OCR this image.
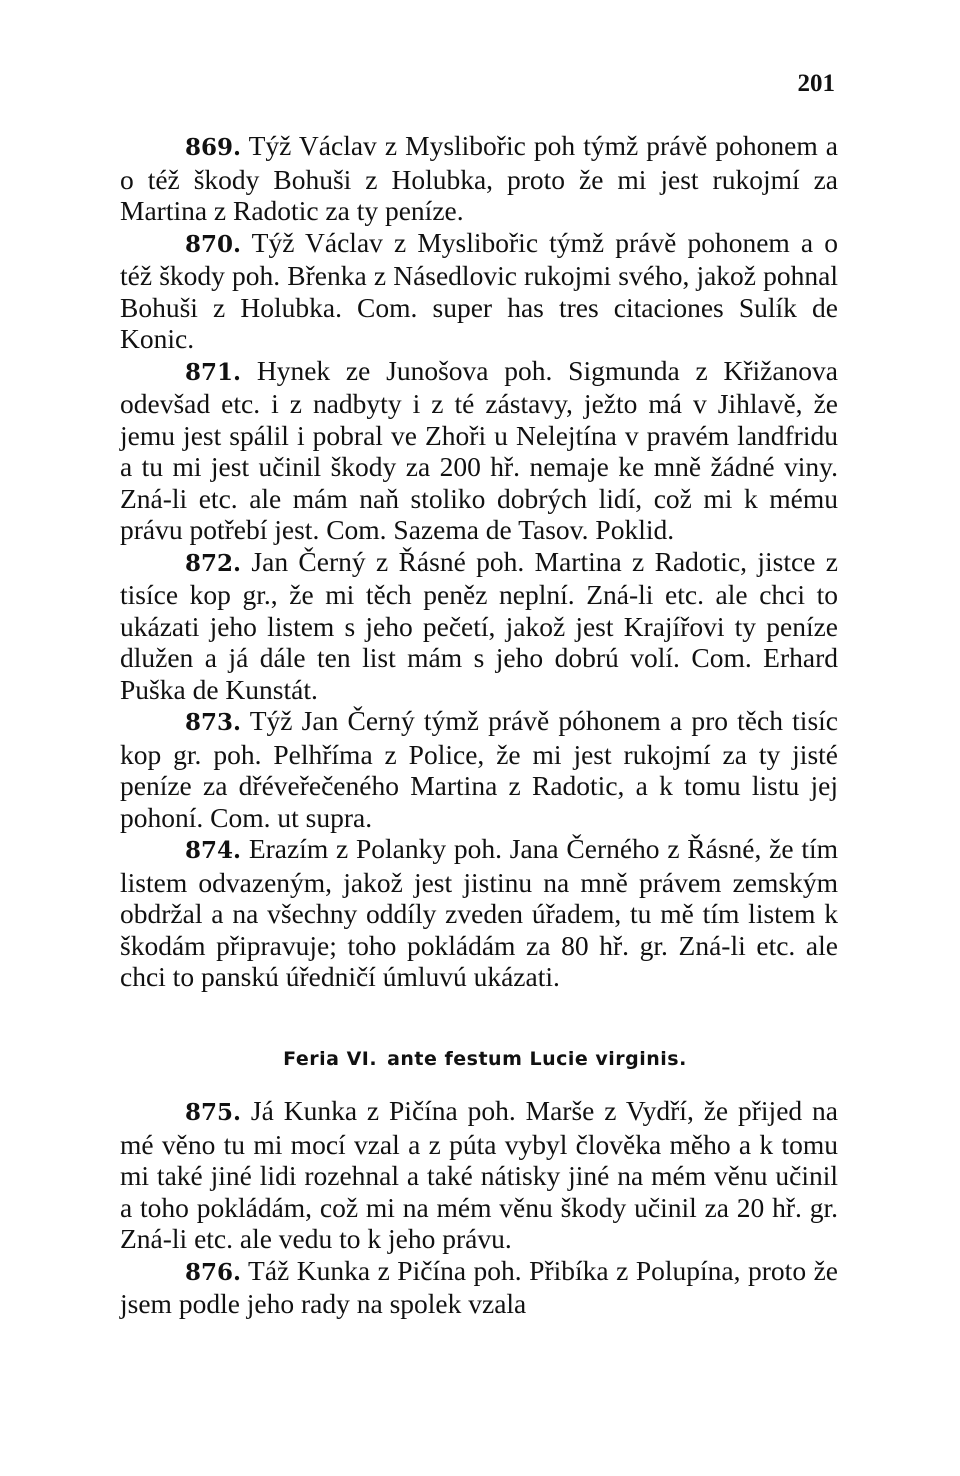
201

869. Týž Václav z Myslibořic poh týmž právě pohonem a o též škody Bohuši z Holubka, proto že mi jest rukojmí za Martina z Radotic za ty peníze.

870. Týž Václav z Myslibořic týmž právě pohonem a o též škody poh. Břenka z Násedlovic rukojmi svého, jakož pohnal Bohuši z Holubka. Com. super has tres citaciones Sulík de Konic.

871. Hynek ze Junošova poh. Sigmunda z Křižanova odevšad etc. i z nadbyty i z té zástavy, ježto má v Jihlavě, že jemu jest spálil i pobral ve Zhoři u Nelejtína v pravém landfridu a tu mi jest učinil škody za 200 hř. nemaje ke mně žádné viny. Zná-li etc. ale mám naň stoliko dobrých lidí, což mi k mému právu potřebí jest. Com. Sazema de Tasov. Poklid.

872. Jan Černý z Řásné poh. Martina z Radotic, jistce z tisíce kop gr., že mi těch peněz neplní. Zná-li etc. ale chci to ukázati jeho listem s jeho pečetí, jakož jest Krajířovi ty peníze dlužen a já dále ten list mám s jeho dobrú volí. Com. Erhard Puška de Kunstát.

873. Týž Jan Černý týmž právě póhonem a pro těch tisíc kop gr. poh. Pelhříma z Police, že mi jest rukojmí za ty jisté peníze za dřéveřečeného Martina z Radotic, a k tomu listu jej pohoní. Com. ut supra.

874. Erazím z Polanky poh. Jana Černého z Řásné, že tím listem odvazeným, jakož jest jistinu na mně právem zemským obdržal a na všechny oddíly zveden úřadem, tu mě tím listem k škodám připravuje; toho pokládám za 80 hř. gr. Zná-li etc. ale chci to panskú úředničí úmluvú ukázati.

Feria VI. ante festum Lucie virginis.

875. Já Kunka z Pičína poh. Marše z Vydří, že přijed na mé věno tu mi mocí vzal a z púta vybyl člověka měho a k tomu mi také jiné lidi rozehnal a také nátisky jiné na mém věnu učinil a toho pokládám, což mi na mém věnu škody učinil za 20 hř. gr. Zná-li etc. ale vedu to k jeho právu.

876. Táž Kunka z Pičína poh. Přibíka z Polupína, proto že jsem podle jeho rady na spolek vzala
